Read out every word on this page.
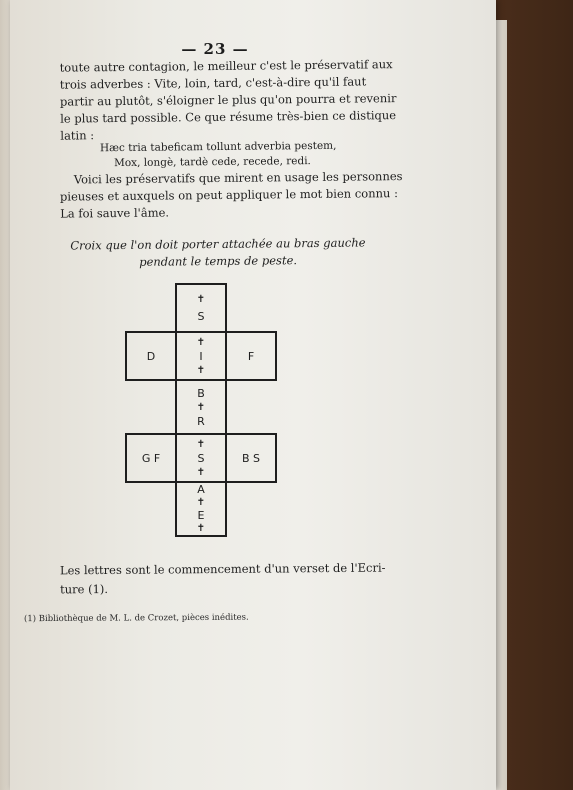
— 23 —
toute autre contagion, le meilleur c'est le préservatif aux
trois adverbes : Vite, loin, tard, c'est-à-dire qu'il faut
partir au plutôt, s'éloigner le plus qu'on pourra et revenir
le plus tard possible. Ce que résume très-bien ce distique
latin :
Hæc tria tabeficam tollunt adverbia pestem,
Mox, longè, tardè cede, recede, redi.
Voici les préservatifs que mirent en usage les personnes
pieuses et auxquels on peut appliquer le mot bien connu :
La foi sauve l'âme.
Croix que l'on doit porter attachée au bras gauche
pendant le temps de peste.
✝
S
D
✝
I
✝
F
B
✝
R
G F
✝
S
✝
B S
A
✝
E
✝
Les lettres sont le commencement d'un verset de l'Ecri-
ture (1).
(1) Bibliothèque de M. L. de Crozet, pièces inédites.
